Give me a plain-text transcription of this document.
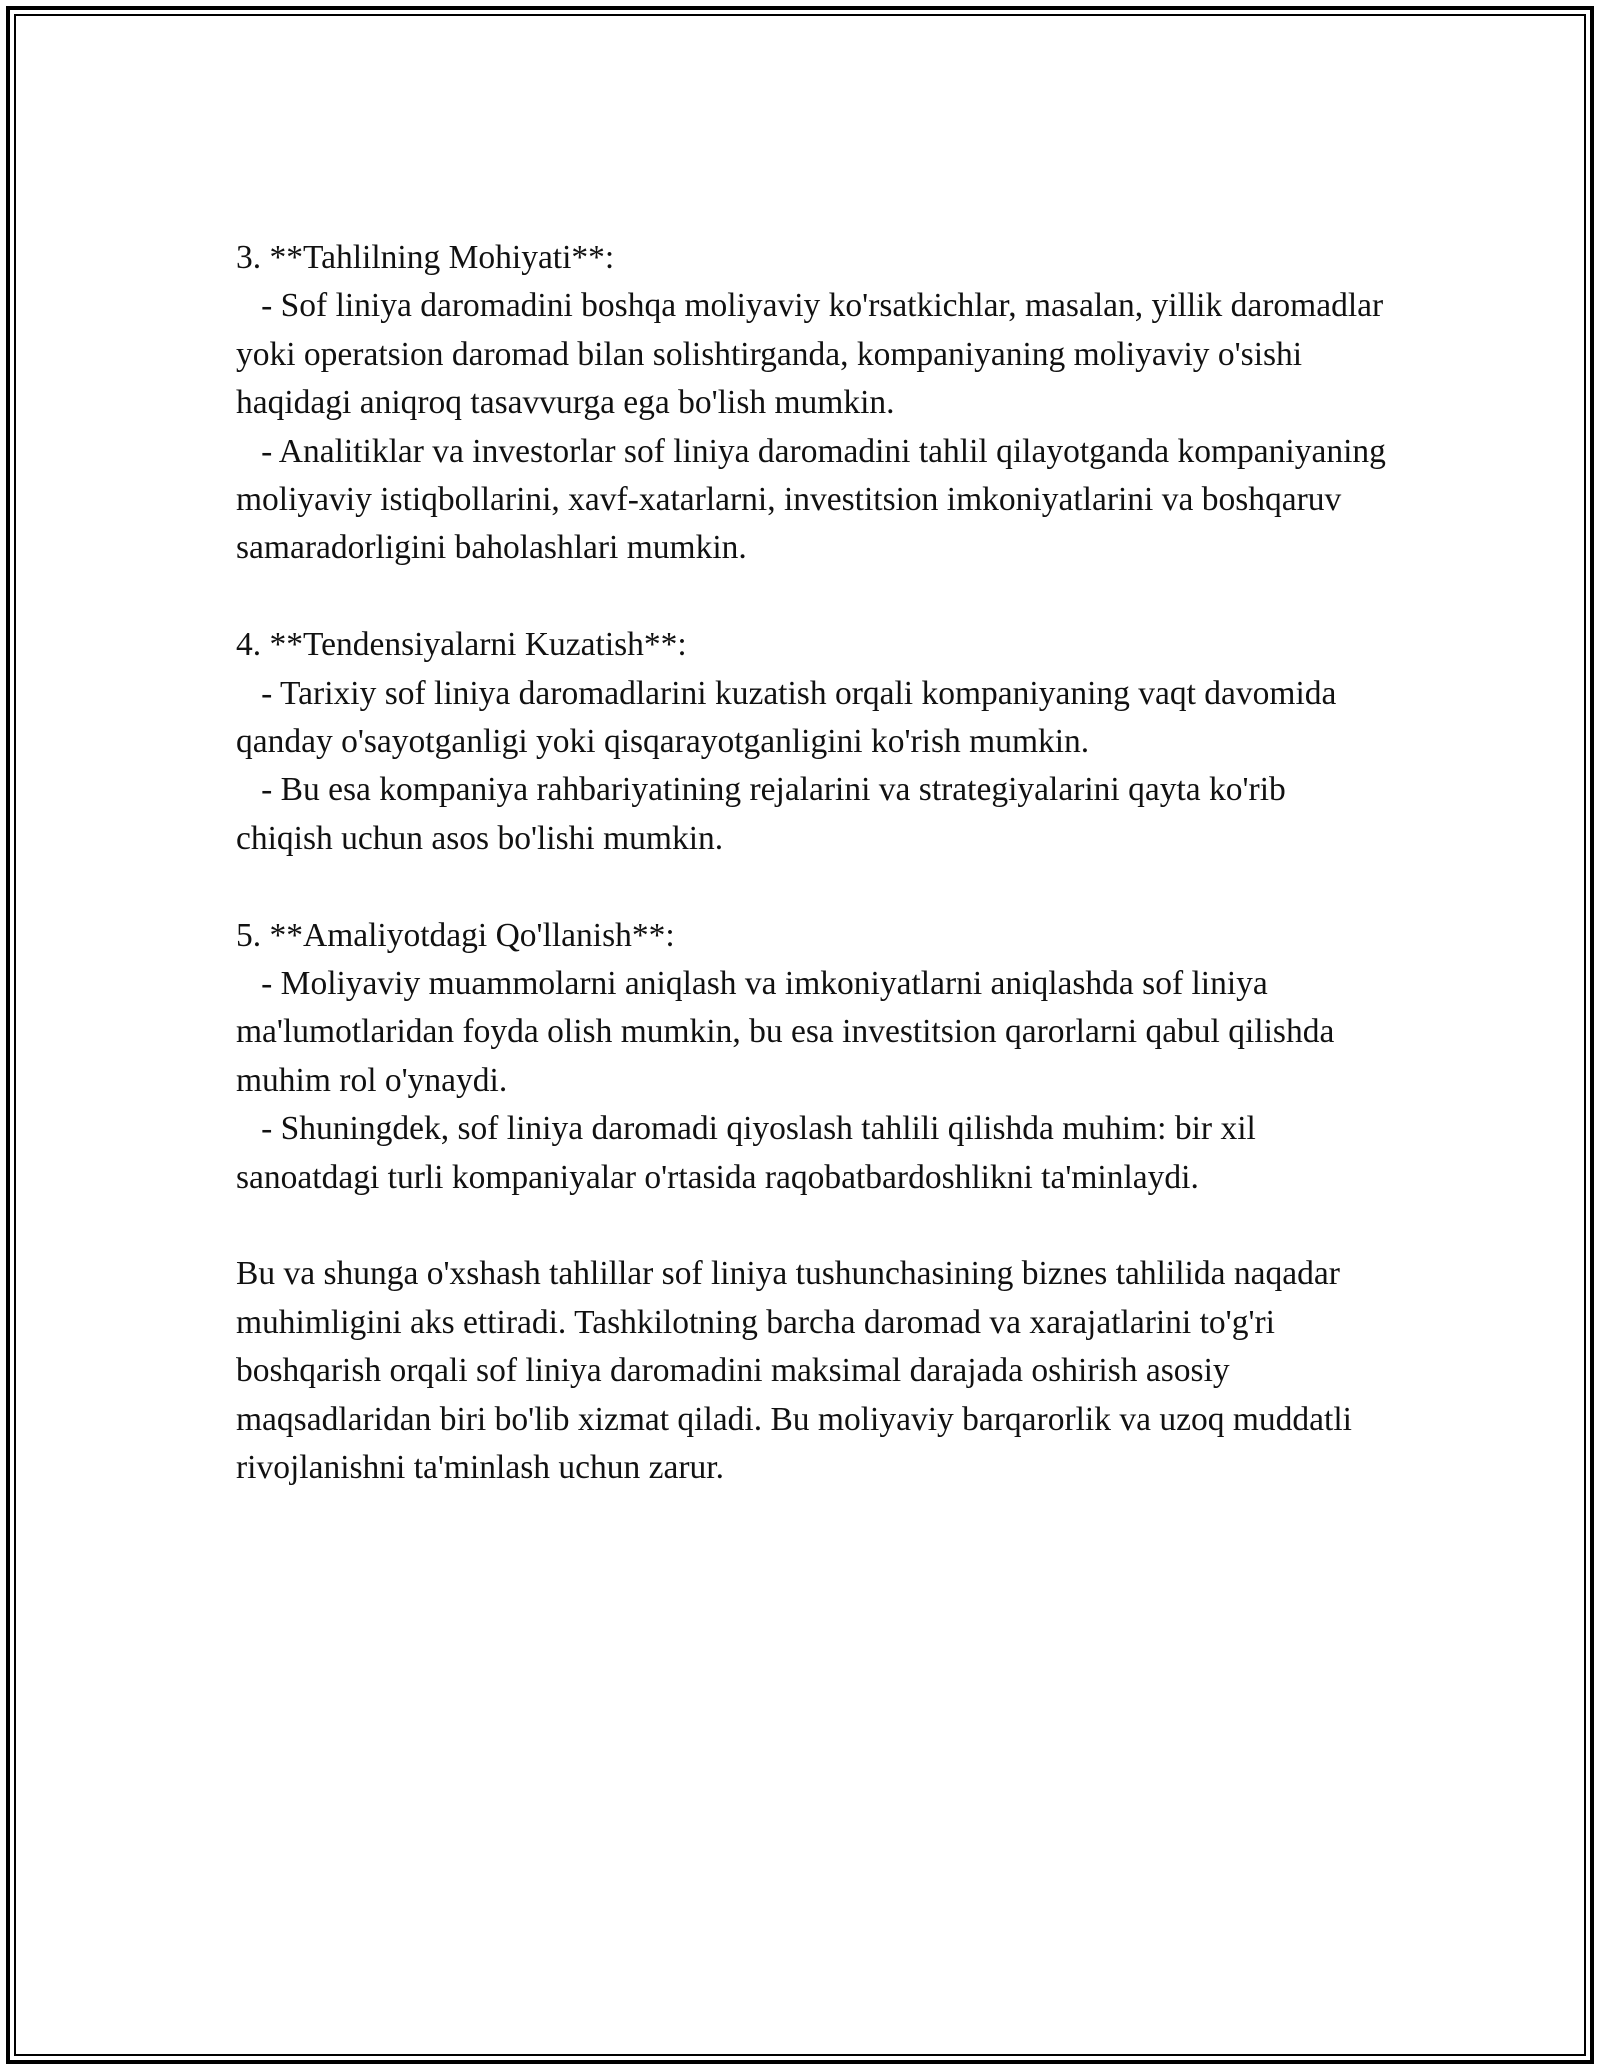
3. **Tahlilning Mohiyati**:

- Sof liniya daromadini boshqa moliyaviy ko'rsatkichlar, masalan, yillik daromadlar yoki operatsion daromad bilan solishtirganda, kompaniyaning moliyaviy o'sishi haqidagi aniqroq tasavvurga ega bo'lish mumkin.

- Analitiklar va investorlar sof liniya daromadini tahlil qilayotganda kompaniyaning moliyaviy istiqbollarini, xavf-xatarlarni, investitsion imkoniyatlarini va boshqaruv samaradorligini baholashlari mumkin.

4. **Tendensiyalarni Kuzatish**:

- Tarixiy sof liniya daromadlarini kuzatish orqali kompaniyaning vaqt davomida qanday o'sayotganligi yoki qisqarayotganligini ko'rish mumkin.

- Bu esa kompaniya rahbariyatining rejalarini va strategiyalarini qayta ko'rib chiqish uchun asos bo'lishi mumkin.

5. **Amaliyotdagi Qo'llanish**:

- Moliyaviy muammolarni aniqlash va imkoniyatlarni aniqlashda sof liniya ma'lumotlaridan foyda olish mumkin, bu esa investitsion qarorlarni qabul qilishda muhim rol o'ynaydi.

- Shuningdek, sof liniya daromadi qiyoslash tahlili qilishda muhim: bir xil sanoatdagi turli kompaniyalar o'rtasida raqobatbardoshlikni ta'minlaydi.

Bu va shunga o'xshash tahlillar sof liniya tushunchasining biznes tahlilida naqadar muhimligini aks ettiradi. Tashkilotning barcha daromad va xarajatlarini to'g'ri boshqarish orqali sof liniya daromadini maksimal darajada oshirish asosiy maqsadlaridan biri bo'lib xizmat qiladi. Bu moliyaviy barqarorlik va uzoq muddatli rivojlanishni ta'minlash uchun zarur.
